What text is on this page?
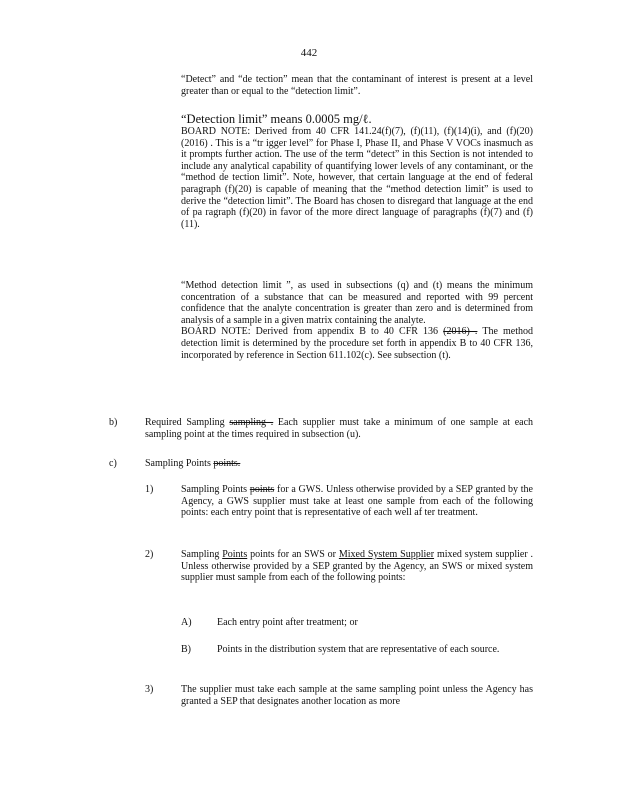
442

“Detect” and “de tection” mean that the contaminant of interest is present at a level greater than or equal to the “detection limit”.

“Detection limit” means 0.0005 mg/ℓ.

BOARD NOTE: Derived from 40 CFR 141.24(f)(7), (f)(11), (f)(14)(i), and (f)(20) (2016) . This is a “tr igger level” for Phase I, Phase II, and Phase V VOCs inasmuch as it prompts further action. The use of the term “detect” in this Section is not intended to include any analytical capability of quantifying lower levels of any contaminant, or the “method de tection limit”. Note, however, that certain language at the end of federal paragraph (f)(20) is capable of meaning that the “method detection limit” is used to derive the “detection limit”. The Board has chosen to disregard that language at the end of pa ragraph (f)(20) in favor of the more direct language of paragraphs (f)(7) and (f)(11).

“Method detection limit ”, as used in subsections (q) and (t) means the minimum concentration of a substance that can be measured and reported with 99 percent confidence that the analyte concentration is greater than zero and is determined from analysis of a sample in a given matrix containing the analyte.

BOARD NOTE: Derived from appendix B to 40 CFR 136 (2016) . The method detection limit is determined by the procedure set forth in appendix B to 40 CFR 136, incorporated by reference in Section 611.102(c). See subsection (t).

b)	Required Sampling sampling . Each supplier must take a minimum of one sample at each sampling point at the times required in subsection (u).

c)	Sampling Points points.

1)	Sampling Points points for a GWS. Unless otherwise provided by a SEP granted by the Agency, a GWS supplier must take at least one sample from each of the following points: each entry point that is representative of each well af ter treatment.

2)	Sampling Points points for an SWS or Mixed System Supplier mixed system supplier . Unless otherwise provided by a SEP granted by the Agency, an SWS or mixed system supplier must sample from each of the following points:

A)	Each entry point after treatment; or

B)	Points in the distribution system that are representative of each source.

3)	The supplier must take each sample at the same sampling point unless the Agency has granted a SEP that designates another location as more
